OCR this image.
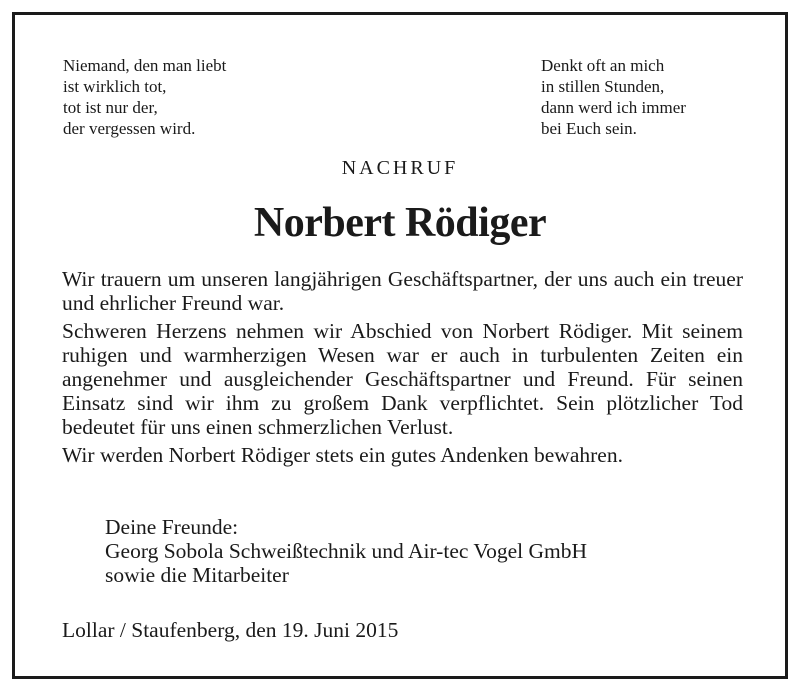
Niemand, den man liebt
ist wirklich tot,
tot ist nur der,
der vergessen wird.
Denkt oft an mich
in stillen Stunden,
dann werd ich immer
bei Euch sein.
NACHRUF
Norbert Rödiger

Wir trauern um unseren langjährigen Geschäftspartner, der uns auch ein treuer und ehrlicher Freund war.

Schweren Herzens nehmen wir Abschied von Norbert Rödiger. Mit seinem ruhigen und warmherzigen Wesen war er auch in turbulenten Zeiten ein angenehmer und ausgleichender Geschäftspartner und Freund. Für seinen Einsatz sind wir ihm zu großem Dank verpflichtet. Sein plötzlicher Tod bedeutet für uns einen schmerzlichen Verlust.

Wir werden Norbert Rödiger stets ein gutes Andenken bewahren.

Deine Freunde:
Georg Sobola Schweißtechnik und Air-tec Vogel GmbH
sowie die Mitarbeiter
Lollar / Staufenberg, den 19. Juni 2015
